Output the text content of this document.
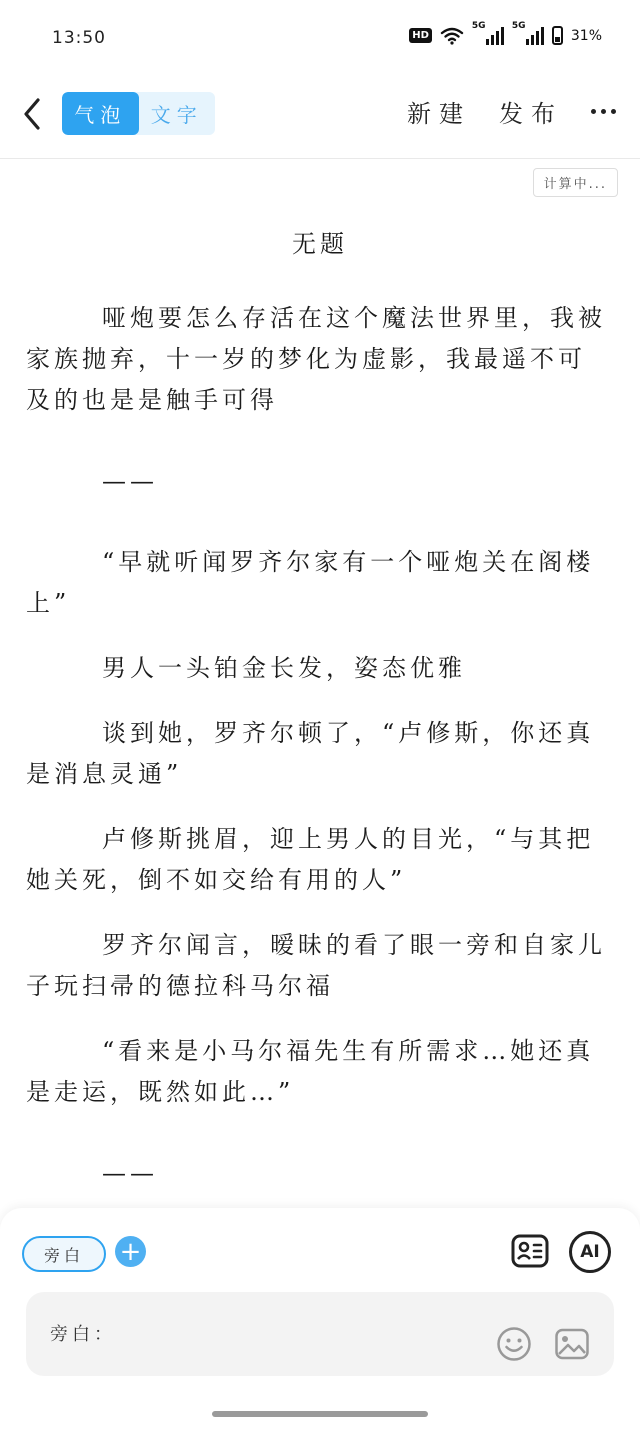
13:50	HD
5G	5G
31%
气泡	文字	新建 发布
计算中...
无题

哑炮要怎么存活在这个魔法世界里，我被家族抛弃，十一岁的梦化为虚影，我最遥不可及的也是是触手可得

——

“早就听闻罗齐尔家有一个哑炮关在阁楼上”

男人一头铂金长发，姿态优雅

谈到她，罗齐尔顿了，“卢修斯，你还真是消息灵通”

卢修斯挑眉，迎上男人的目光，“与其把她关死，倒不如交给有用的人”

罗齐尔闻言，暧昧的看了眼一旁和自家儿子玩扫帚的德拉科马尔福

“看来是小马尔福先生有所需求…她还真是走运，既然如此…”

——

旁白	+	AI
旁白：
